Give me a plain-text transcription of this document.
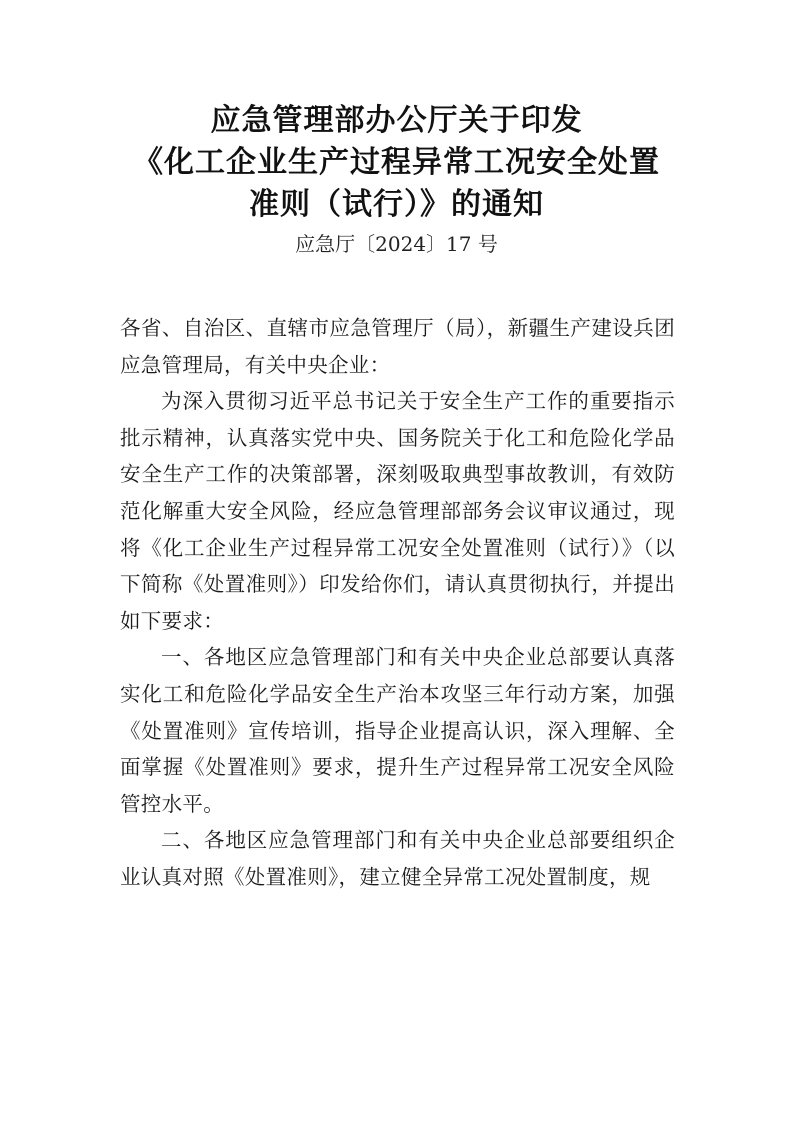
应急管理部办公厅关于印发
《化工企业生产过程异常工况安全处置
准则（试行）》的通知
应急厅〔2024〕17 号

各省、自治区、直辖市应急管理厅（局），新疆生产建设兵团应急管理局，有关中央企业：

为深入贯彻习近平总书记关于安全生产工作的重要指示批示精神，认真落实党中央、国务院关于化工和危险化学品安全生产工作的决策部署，深刻吸取典型事故教训，有效防范化解重大安全风险，经应急管理部部务会议审议通过，现将《化工企业生产过程异常工况安全处置准则（试行）》（以下简称《处置准则》）印发给你们，请认真贯彻执行，并提出如下要求：

一、各地区应急管理部门和有关中央企业总部要认真落实化工和危险化学品安全生产治本攻坚三年行动方案，加强《处置准则》宣传培训，指导企业提高认识，深入理解、全面掌握《处置准则》要求，提升生产过程异常工况安全风险管控水平。

二、各地区应急管理部门和有关中央企业总部要组织企业认真对照《处置准则》，建立健全异常工况处置制度，规
